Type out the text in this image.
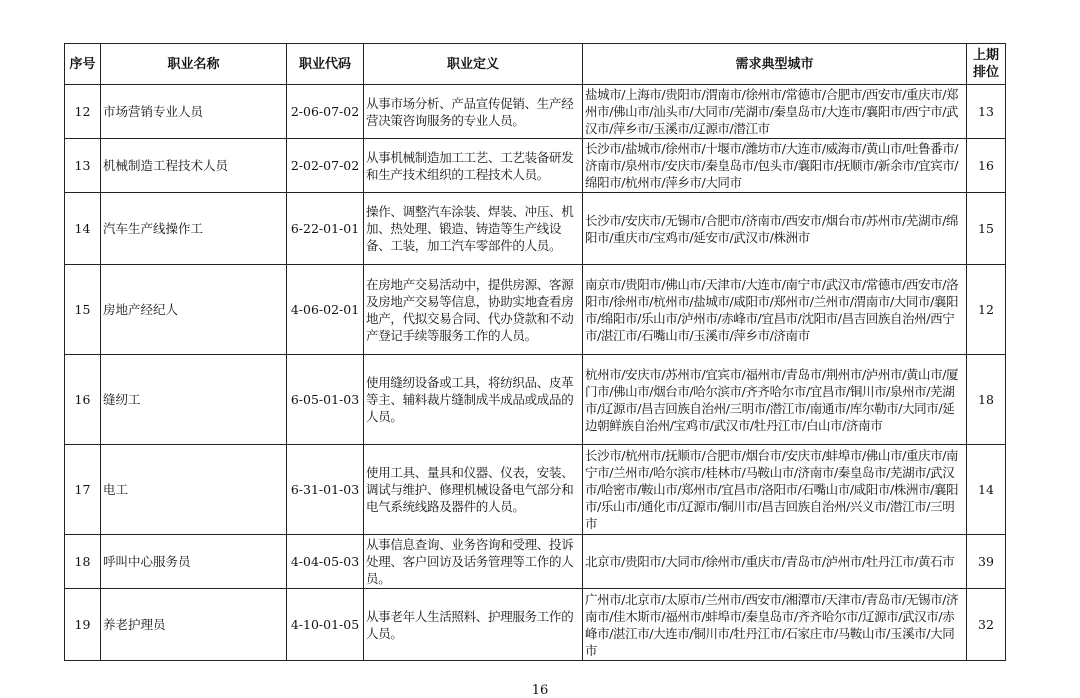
序号	职业名称	职业代码	职业定义	需求典型城市	上期排位
12	市场营销专业人员	2-06-07-02	从事市场分析、产品宣传促销、生产经营决策咨询服务的专业人员。	盐城市/上海市/贵阳市/渭南市/徐州市/常德市/合肥市/西安市/重庆市/郑州市/佛山市/汕头市/大同市/芜湖市/秦皇岛市/大连市/襄阳市/西宁市/武汉市/萍乡市/玉溪市/辽源市/潜江市	13
13	机械制造工程技术人员	2-02-07-02	从事机械制造加工工艺、工艺装备研发和生产技术组织的工程技术人员。	长沙市/盐城市/徐州市/十堰市/潍坊市/大连市/威海市/黄山市/吐鲁番市/济南市/泉州市/安庆市/秦皇岛市/包头市/襄阳市/抚顺市/新余市/宜宾市/绵阳市/杭州市/萍乡市/大同市	16
14	汽车生产线操作工	6-22-01-01	操作、调整汽车涂装、焊装、冲压、机加、热处理、锻造、铸造等生产线设备、工装，加工汽车零部件的人员。	长沙市/安庆市/无锡市/合肥市/济南市/西安市/烟台市/苏州市/芜湖市/绵阳市/重庆市/宝鸡市/延安市/武汉市/株洲市	15
15	房地产经纪人	4-06-02-01	在房地产交易活动中，提供房源、客源及房地产交易等信息，协助实地查看房地产，代拟交易合同、代办贷款和不动产登记手续等服务工作的人员。	南京市/贵阳市/佛山市/天津市/大连市/南宁市/武汉市/常德市/西安市/洛阳市/徐州市/杭州市/盐城市/咸阳市/郑州市/兰州市/渭南市/大同市/襄阳市/绵阳市/乐山市/泸州市/赤峰市/宜昌市/沈阳市/昌吉回族自治州/西宁市/湛江市/石嘴山市/玉溪市/萍乡市/济南市	12
16	缝纫工	6-05-01-03	使用缝纫设备或工具，将纺织品、皮革等主、辅料裁片缝制成半成品或成品的人员。	杭州市/安庆市/苏州市/宜宾市/福州市/青岛市/荆州市/泸州市/黄山市/厦门市/佛山市/烟台市/哈尔滨市/齐齐哈尔市/宜昌市/铜川市/泉州市/芜湖市/辽源市/昌吉回族自治州/三明市/潜江市/南通市/库尔勒市/大同市/延边朝鲜族自治州/宝鸡市/武汉市/牡丹江市/白山市/济南市	18
17	电工	6-31-01-03	使用工具、量具和仪器、仪表，安装、调试与维护、修理机械设备电气部分和电气系统线路及器件的人员。	长沙市/杭州市/抚顺市/合肥市/烟台市/安庆市/蚌埠市/佛山市/重庆市/南宁市/兰州市/哈尔滨市/桂林市/马鞍山市/济南市/秦皇岛市/芜湖市/武汉市/哈密市/鞍山市/郑州市/宜昌市/洛阳市/石嘴山市/咸阳市/株洲市/襄阳市/乐山市/通化市/辽源市/铜川市/昌吉回族自治州/兴义市/潜江市/三明市	14
18	呼叫中心服务员	4-04-05-03	从事信息查询、业务咨询和受理、投诉处理、客户回访及话务管理等工作的人员。	北京市/贵阳市/大同市/徐州市/重庆市/青岛市/泸州市/牡丹江市/黄石市	39
19	养老护理员	4-10-01-05	从事老年人生活照料、护理服务工作的人员。	广州市/北京市/太原市/兰州市/西安市/湘潭市/天津市/青岛市/无锡市/济南市/佳木斯市/福州市/蚌埠市/秦皇岛市/齐齐哈尔市/辽源市/武汉市/赤峰市/湛江市/大连市/铜川市/牡丹江市/石家庄市/马鞍山市/玉溪市/大同市	32
16
